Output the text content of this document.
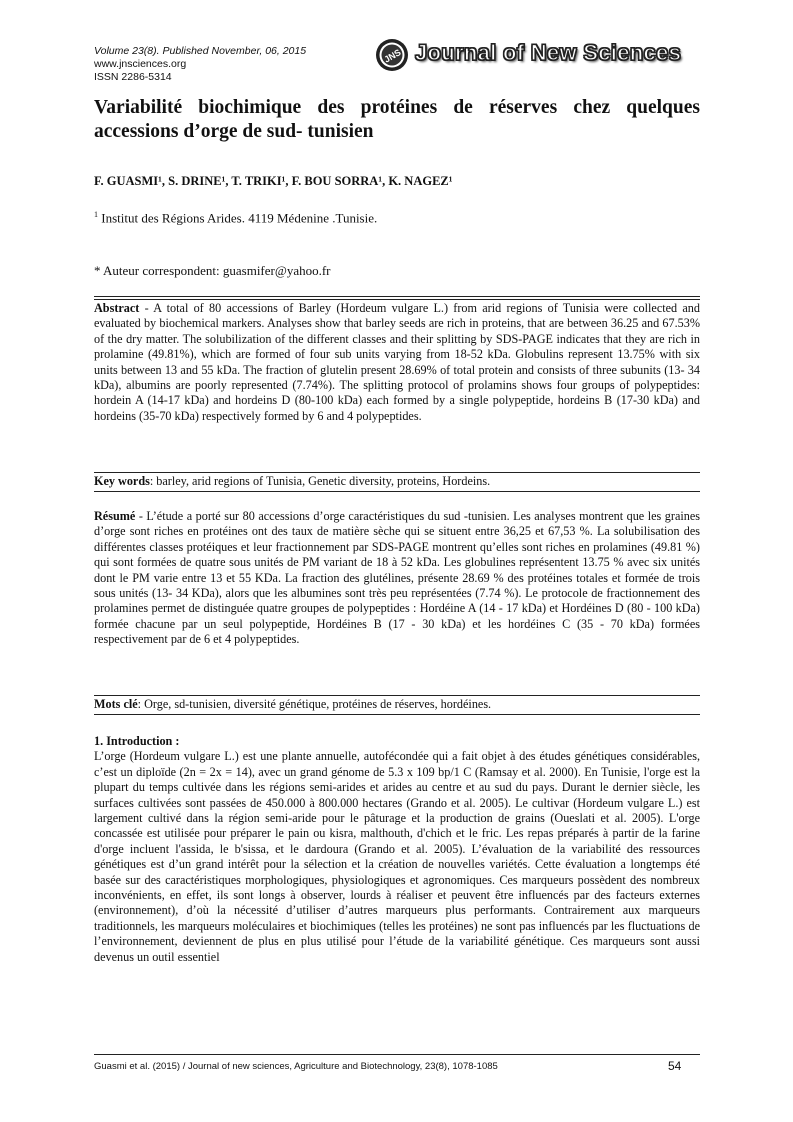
Volume 23(8). Published November, 06, 2015
www.jnsciences.org
ISSN 2286-5314
JNS Journal of New Sciences
Variabilité biochimique des protéines de réserves chez quelques accessions d’orge de sud- tunisien
F. GUASMI¹, S. DRINE¹, T. TRIKI¹, F. BOU SORRA¹, K. NAGEZ¹
$^1$ Institut des Régions Arides. 4119 Médenine .Tunisie.
* Auteur correspondent: guasmifer@yahoo.fr
Abstract - A total of 80 accessions of Barley (Hordeum vulgare L.) from arid regions of Tunisia were collected and evaluated by biochemical markers. Analyses show that barley seeds are rich in proteins, that are between 36.25 and 67.53% of the dry matter. The solubilization of the different classes and their splitting by SDS-PAGE indicates that they are rich in prolamine (49.81%), which are formed of four sub units varying from 18-52 kDa. Globulins represent 13.75% with six units between 13 and 55 kDa. The fraction of glutelin present 28.69% of total protein and consists of three subunits (13- 34 kDa), albumins are poorly represented (7.74%). The splitting protocol of prolamins shows four groups of polypeptides: hordein A (14-17 kDa) and hordeins D (80-100 kDa) each formed by a single polypeptide, hordeins B (17-30 kDa) and hordeins (35-70 kDa) respectively formed by 6 and 4 polypeptides.
Key words: barley, arid regions of Tunisia, Genetic diversity, proteins, Hordeins.
Résumé - L’étude a porté sur 80 accessions d’orge caractéristiques du sud -tunisien. Les analyses montrent que les graines d’orge sont riches en protéines ont des taux de matière sèche qui se situent entre 36,25 et 67,53 %. La solubilisation des différentes classes protéiques et leur fractionnement par SDS-PAGE montrent qu’elles sont riches en prolamines (49.81 %) qui sont formées de quatre sous unités de PM variant de 18 à 52 kDa. Les globulines représentent 13.75 % avec six unités dont le PM varie entre 13 et 55 KDa. La fraction des glutélines, présente 28.69 % des protéines totales et formée de trois sous unités (13- 34 KDa), alors que les albumines sont très peu représentées (7.74 %). Le protocole de fractionnement des prolamines permet de distinguée quatre groupes de polypeptides : Hordéine A (14 - 17 kDa) et Hordéines D (80 - 100 kDa) formée chacune par un seul polypeptide, Hordéines B (17 - 30 kDa) et les hordéines C (35 - 70 kDa) formées respectivement par de 6 et 4 polypeptides.
Mots clé: Orge, sd-tunisien, diversité génétique, protéines de réserves, hordéines.
1. Introduction :
L’orge (Hordeum vulgare L.) est une plante annuelle, autofécondée qui a fait objet à des études génétiques considérables, c’est un diploïde (2n = 2x = 14), avec un grand génome de 5.3 x 109 bp/1 C (Ramsay et al. 2000). En Tunisie, l'orge est la plupart du temps cultivée dans les régions semi-arides et arides au centre et au sud du pays. Durant le dernier siècle, les surfaces cultivées sont passées de 450.000 à 800.000 hectares (Grando et al. 2005). Le cultivar (Hordeum vulgare L.) est largement cultivé dans la région semi-aride pour le pâturage et la production de grains (Oueslati et al. 2005). L'orge concassée est utilisée pour préparer le pain ou kisra, malthouth, d'chich et le fric. Les repas préparés à partir de la farine d'orge incluent l'assida, le b'sissa, et le dardoura (Grando et al. 2005). L’évaluation de la variabilité des ressources génétiques est d’un grand intérêt pour la sélection et la création de nouvelles variétés. Cette évaluation a longtemps été basée sur des caractéristiques morphologiques, physiologiques et agronomiques. Ces marqueurs possèdent des nombreux inconvénients, en effet, ils sont longs à observer, lourds à réaliser et peuvent être influencés par des facteurs externes (environnement), d’où la nécessité d’utiliser d’autres marqueurs plus performants. Contrairement aux marqueurs traditionnels, les marqueurs moléculaires et biochimiques (telles les protéines) ne sont pas influencés par les fluctuations de l’environnement, deviennent de plus en plus utilisé pour l’étude de la variabilité génétique. Ces marqueurs sont aussi devenus un outil essentiel
Guasmi et al. (2015) / Journal of new sciences, Agriculture and Biotechnology, 23(8), 1078-1085	54
